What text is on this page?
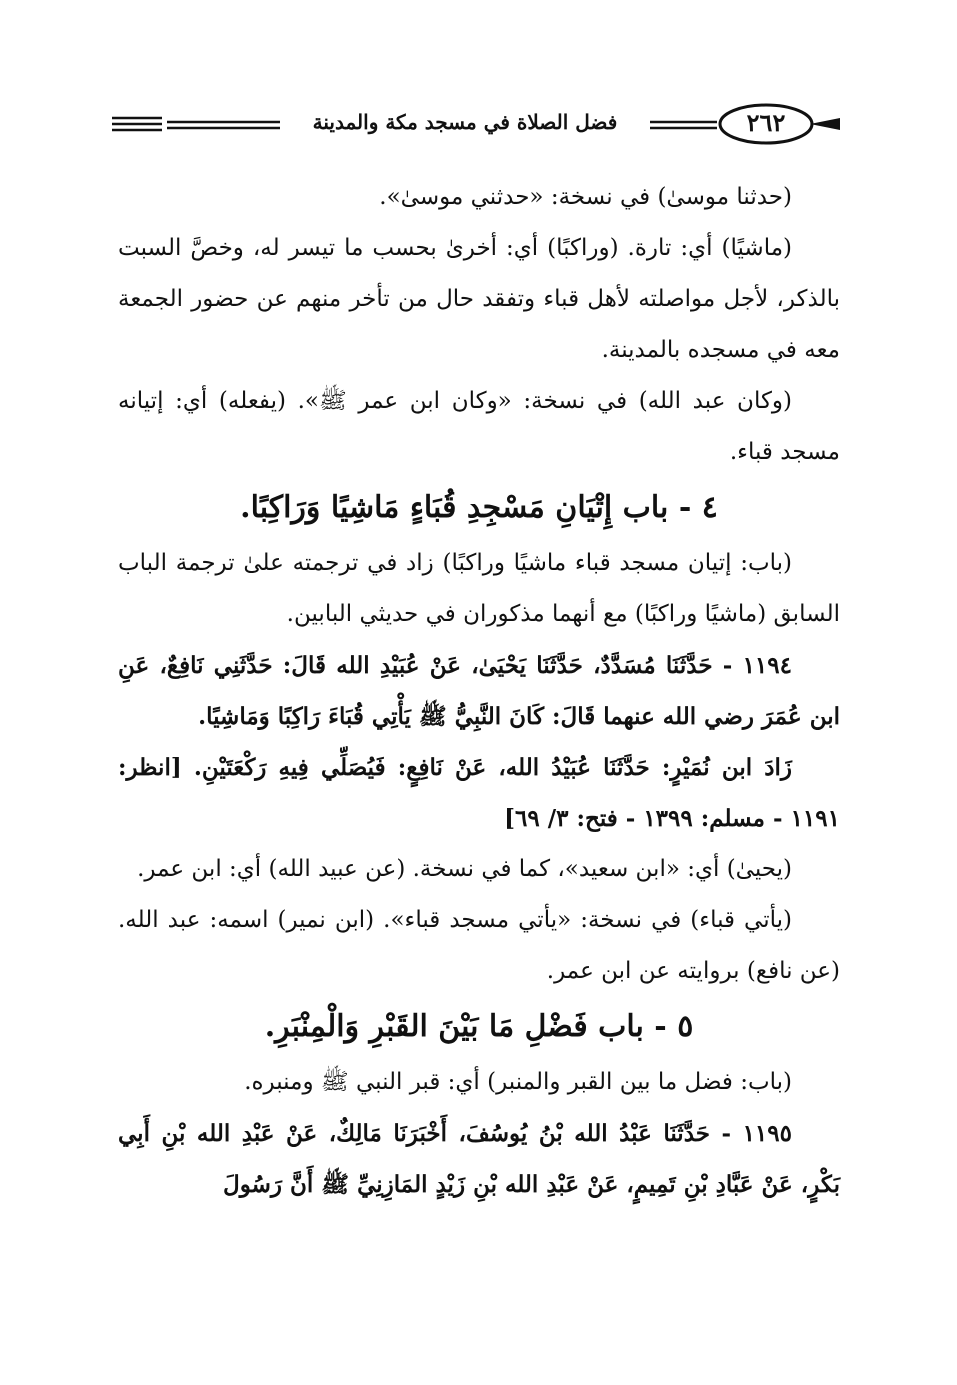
فضل الصلاة في مسجد مكة والمدينة	٢٦٢

(حدثنا موسىٰ) في نسخة: «حدثني موسىٰ».

(ماشيًا) أي: تارة. (وراكبًا) أي: أخرىٰ بحسب ما تيسر له، وخصَّ السبت بالذكر، لأجل مواصلته لأهل قباء وتفقد حال من تأخر منهم عن حضور الجمعة معه في مسجده بالمدينة.

(وكان عبد الله) في نسخة: «وكان ابن عمر ﷺ». (يفعله) أي: إتيانه مسجد قباء.

٤ - باب إِتْيَانِ مَسْجِدِ قُبَاءٍ مَاشِيًا وَرَاكِبًا.

(باب: إتيان مسجد قباء ماشيًا وراكبًا) زاد في ترجمته علىٰ ترجمة الباب السابق (ماشيًا وراكبًا) مع أنهما مذكوران في حديثي البابين.

١١٩٤ - حَدَّثَنَا مُسَدَّدٌ، حَدَّثَنَا يَحْيَىٰ، عَنْ عُبَيْدِ الله قَالَ: حَدَّثَنِي نَافِعٌ، عَنِ ابن عُمَرَ رضي الله عنهما قَالَ: كَانَ النَّبِيُّ ﷺ يَأْتِي قُبَاءَ رَاكِبًا وَمَاشِيًا.

زَادَ ابن نُمَيْرٍ: حَدَّثَنَا عُبَيْدُ الله، عَنْ نَافِعٍ: فَيُصَلِّي فِيهِ رَكْعَتَيْنِ. [انظر: ١١٩١ - مسلم: ١٣٩٩ - فتح: ٣/ ٦٩]

(يحيىٰ) أي: «ابن سعيد»، كما في نسخة. (عن عبيد الله) أي: ابن عمر.

(يأتي قباء) في نسخة: «يأتي مسجد قباء». (ابن نمير) اسمه: عبد الله. (عن نافع) بروايته عن ابن عمر.

٥ - باب فَضْلِ مَا بَيْنَ القَبْرِ وَالْمِنْبَرِ.

(باب: فضل ما بين القبر والمنبر) أي: قبر النبي ﷺ ومنبره.

١١٩٥ - حَدَّثَنَا عَبْدُ الله بْنُ يُوسُفَ، أَخْبَرَنَا مَالِكٌ، عَنْ عَبْدِ الله بْنِ أَبِي بَكْرٍ، عَنْ عَبَّادِ بْنِ تَمِيمٍ، عَنْ عَبْدِ الله بْنِ زَيْدٍ المَازِنِيِّ ﷺ أَنَّ رَسُولَ
